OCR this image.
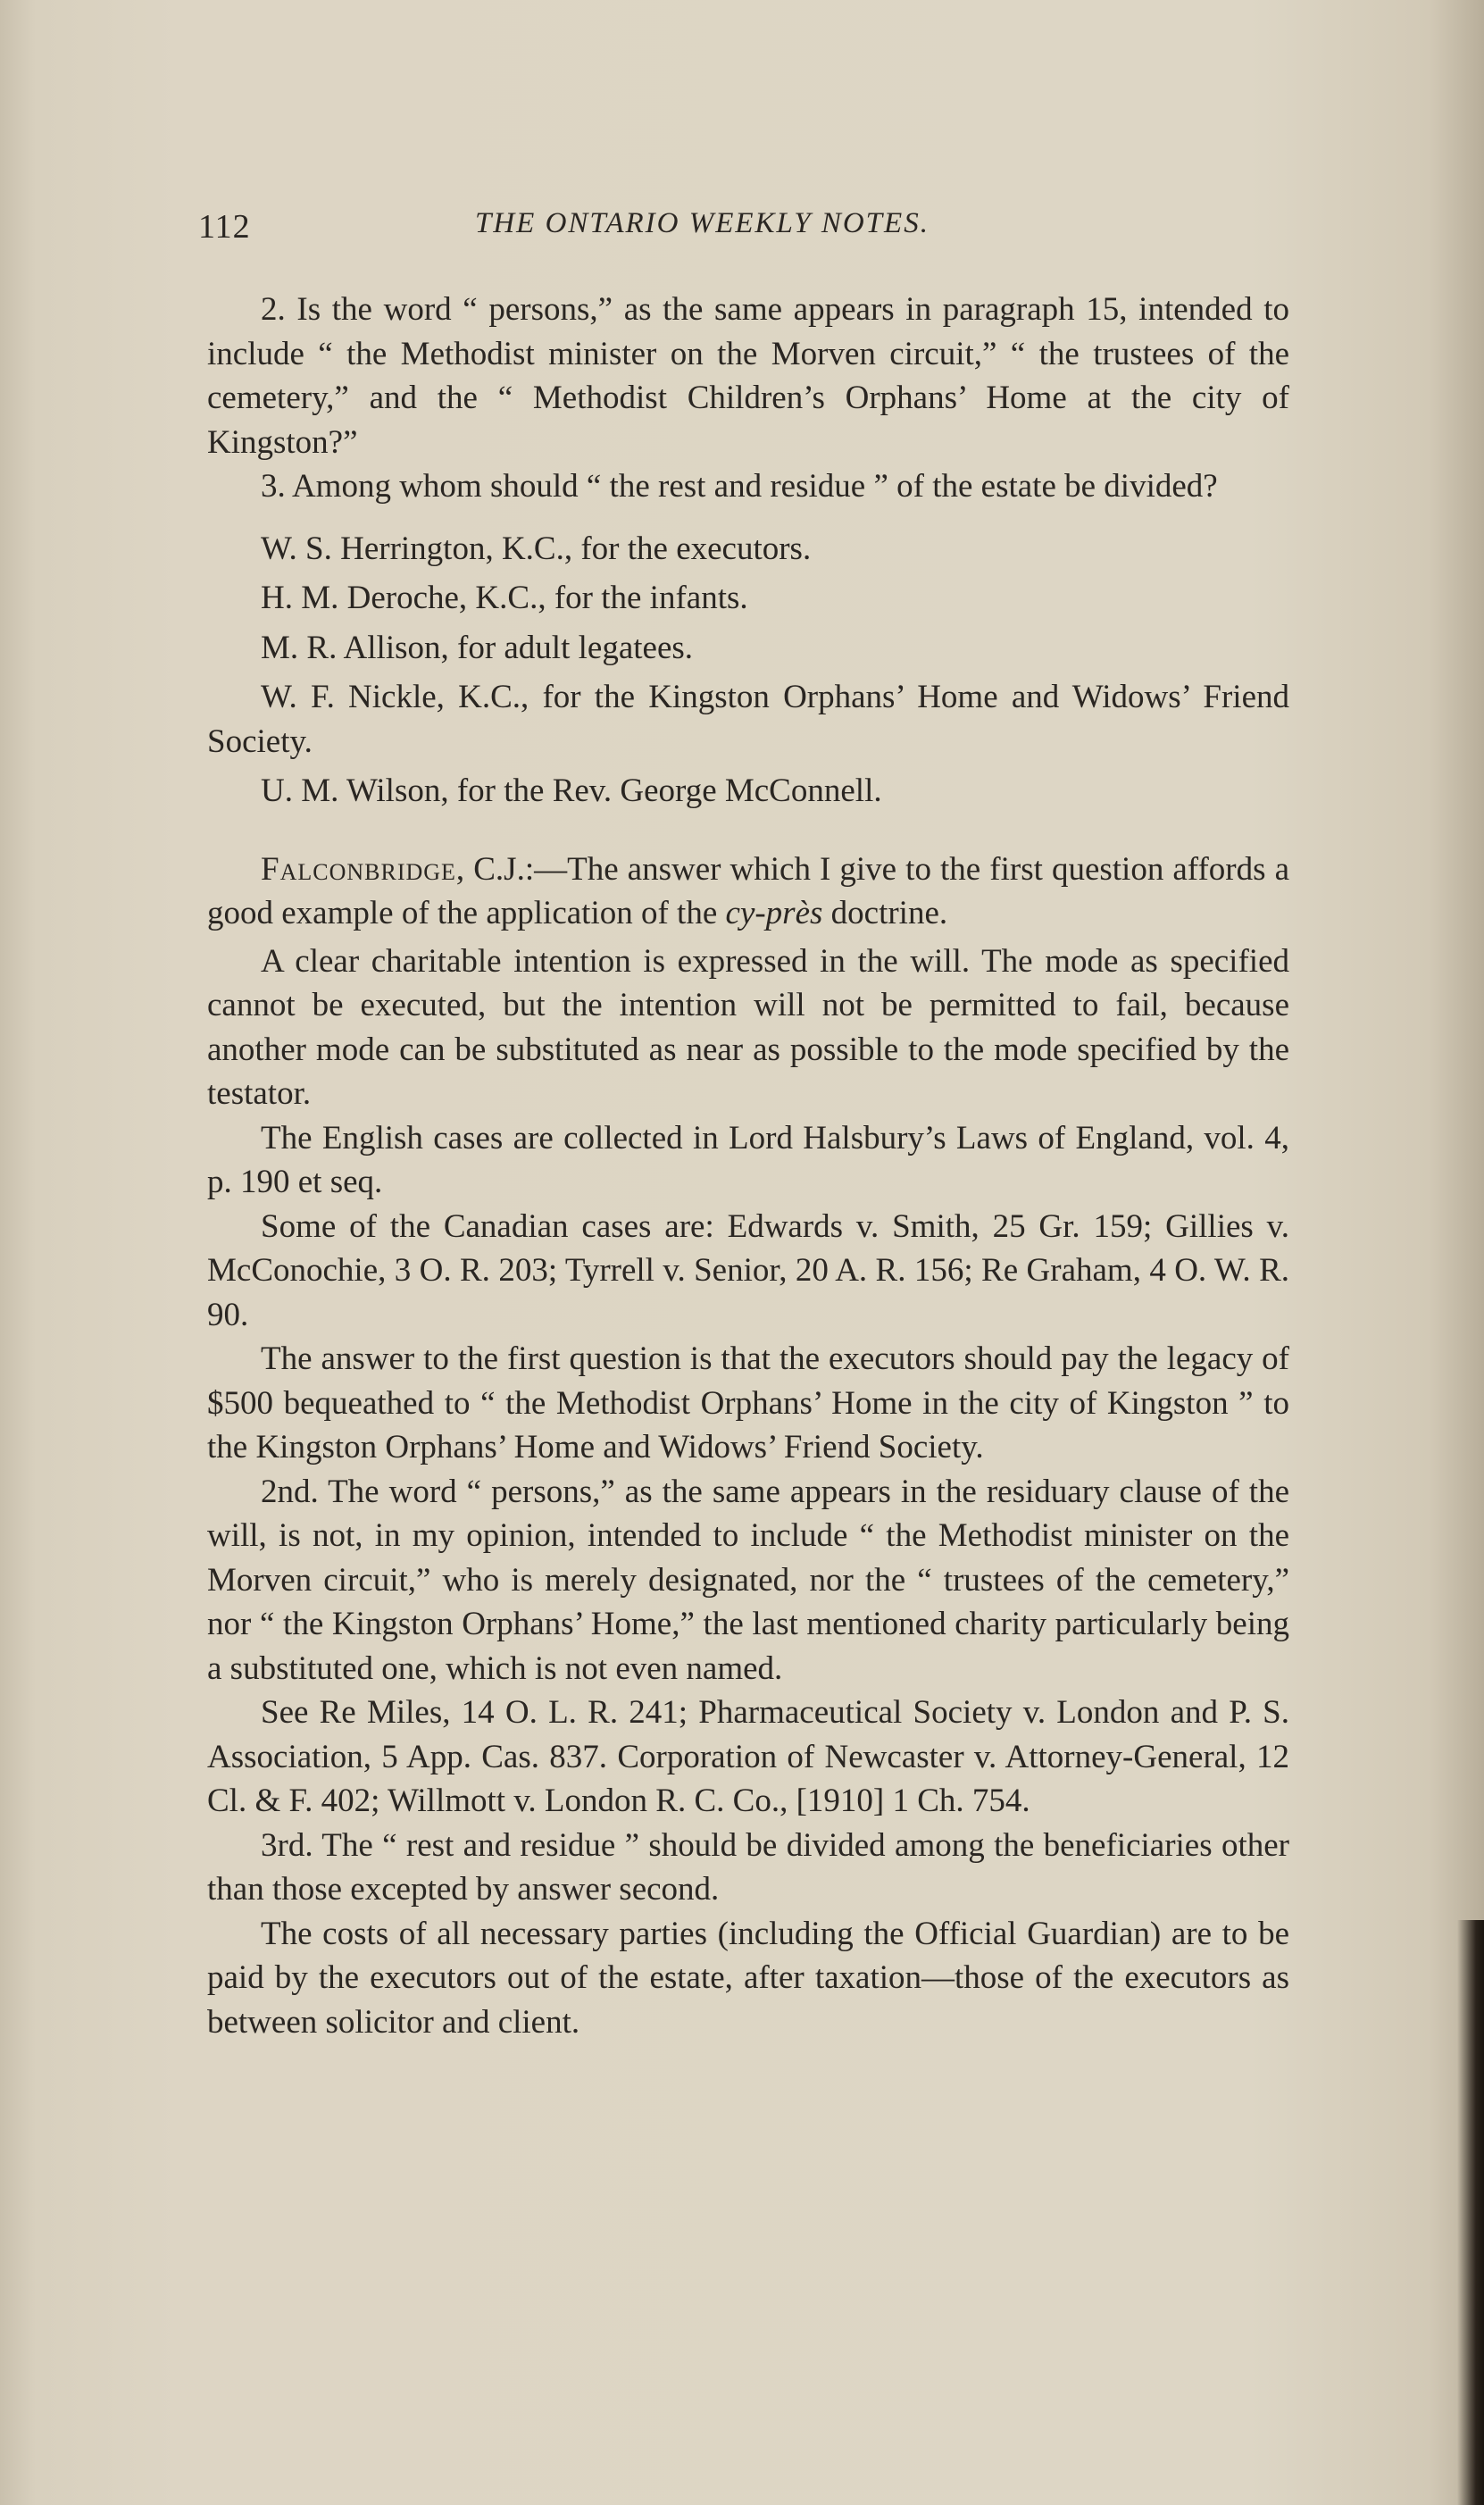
112	THE ONTARIO WEEKLY NOTES.

2. Is the word “ persons,” as the same appears in paragraph 15, intended to include “ the Methodist minister on the Morven circuit,” “ the trustees of the cemetery,” and the “ Methodist Children’s Orphans’ Home at the city of Kingston?”

3. Among whom should “ the rest and residue ” of the estate be divided?

W. S. Herrington, K.C., for the executors.

H. M. Deroche, K.C., for the infants.

M. R. Allison, for adult legatees.

W. F. Nickle, K.C., for the Kingston Orphans’ Home and Widows’ Friend Society.

U. M. Wilson, for the Rev. George McConnell.

Falconbridge, C.J.:—The answer which I give to the first question affords a good example of the application of the cy-près doctrine.

A clear charitable intention is expressed in the will. The mode as specified cannot be executed, but the intention will not be permitted to fail, because another mode can be substituted as near as possible to the mode specified by the testator.

The English cases are collected in Lord Halsbury’s Laws of England, vol. 4, p. 190 et seq.

Some of the Canadian cases are: Edwards v. Smith, 25 Gr. 159; Gillies v. McConochie, 3 O. R. 203; Tyrrell v. Senior, 20 A. R. 156; Re Graham, 4 O. W. R. 90.

The answer to the first question is that the executors should pay the legacy of $500 bequeathed to “ the Methodist Orphans’ Home in the city of Kingston ” to the Kingston Orphans’ Home and Widows’ Friend Society.

2nd. The word “ persons,” as the same appears in the residuary clause of the will, is not, in my opinion, intended to include “ the Methodist minister on the Morven circuit,” who is merely designated, nor the “ trustees of the cemetery,” nor “ the Kingston Orphans’ Home,” the last mentioned charity particularly being a substituted one, which is not even named.

See Re Miles, 14 O. L. R. 241; Pharmaceutical Society v. London and P. S. Association, 5 App. Cas. 837. Corporation of Newcaster v. Attorney-General, 12 Cl. & F. 402; Willmott v. London R. C. Co., [1910] 1 Ch. 754.

3rd. The “ rest and residue ” should be divided among the beneficiaries other than those excepted by answer second.

The costs of all necessary parties (including the Official Guardian) are to be paid by the executors out of the estate, after taxation—those of the executors as between solicitor and client.
